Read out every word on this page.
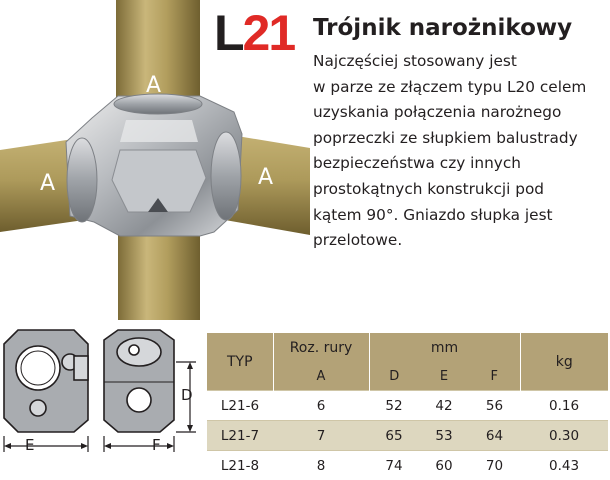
A
A	A
L21 Trójnik narożnikowy
Najczęściej stosowany jest
w parze ze złączem typu L20 celem
uzyskania połączenia narożnego
poprzeczki ze słupkiem balustrady
bezpieczeństwa czy innych
prostokątnych konstrukcji pod
kątem 90°. Gniazdo słupka jest
przelotowe.
E	F
D
TYP	Roz. rury	mm			kg
	A	D	E	F	
L21-6	6	52	42	56	0.16
L21-7	7	65	53	64	0.30
L21-8	8	74	60	70	0.43
